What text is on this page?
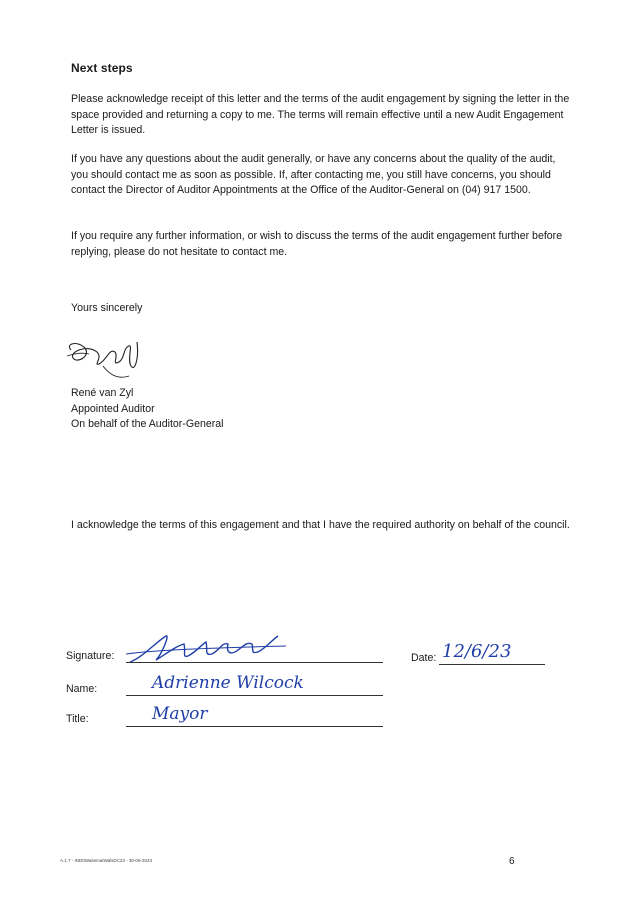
Next steps
Please acknowledge receipt of this letter and the terms of the audit engagement by signing the letter in the space provided and returning a copy to me. The terms will remain effective until a new Audit Engagement Letter is issued.
If you have any questions about the audit generally, or have any concerns about the quality of the audit, you should contact me as soon as possible. If, after contacting me, you still have concerns, you should contact the Director of Auditor Appointments at the Office of the Auditor-General on (04) 917 1500.
If you require any further information, or wish to discuss the terms of the audit engagement further before replying, please do not hesitate to contact me.
Yours sincerely
René van Zyl
Appointed Auditor
On behalf of the Auditor-General
I acknowledge the terms of this engagement and that I have the required authority on behalf of the council.
Signature:	Date: 12/6/23
Name:	Adrienne Wilcock
Title:	Mayor
A.1.7 - IND0WaitematWalsDC23 - 30-08-2023	6
